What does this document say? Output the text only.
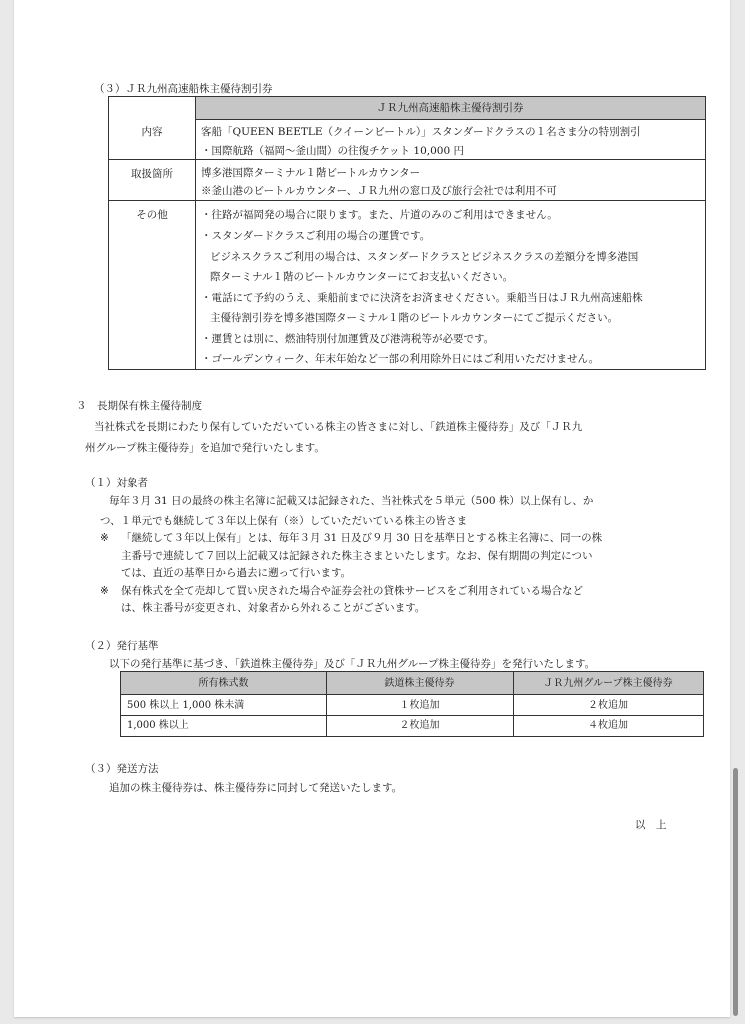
（３）ＪＲ九州高速船株主優待割引券
ＪＲ九州高速船株主優待割引券
内容	客船「QUEEN BEETLE（クイーンビートル）」スタンダードクラスの１名さま分の特別割引
・国際航路（福岡～釜山間）の往復チケット 10,000 円
取扱箇所	博多港国際ターミナル１階ビートルカウンター
※釜山港のビートルカウンター、ＪＲ九州の窓口及び旅行会社では利用不可
その他	・往路が福岡発の場合に限ります。また、片道のみのご利用はできません。
・スタンダードクラスご利用の場合の運賃です。
ビジネスクラスご利用の場合は、スタンダードクラスとビジネスクラスの差額分を博多港国
際ターミナル１階のビートルカウンターにてお支払いください。
・電話にて予約のうえ、乗船前までに決済をお済ませください。乗船当日はＪＲ九州高速船株
主優待割引券を博多港国際ターミナル１階のビートルカウンターにてご提示ください。
・運賃とは別に、燃油特別付加運賃及び港湾税等が必要です。
・ゴールデンウィーク、年末年始など一部の利用除外日にはご利用いただけません。
３　長期保有株主優待制度
当社株式を長期にわたり保有していただいている株主の皆さまに対し、「鉄道株主優待券」及び「ＪＲ九
州グループ株主優待券」を追加で発行いたします。
（１）対象者
毎年３月 31 日の最終の株主名簿に記載又は記録された、当社株式を５単元（500 株）以上保有し、か
つ、１単元でも継続して３年以上保有（※）していただいている株主の皆さま
※ 「継続して３年以上保有」とは、毎年３月 31 日及び９月 30 日を基準日とする株主名簿に、同一の株
主番号で連続して７回以上記載又は記録された株主さまといたします。なお、保有期間の判定につい
ては、直近の基準日から過去に遡って行います。
※ 保有株式を全て売却して買い戻された場合や証券会社の貸株サービスをご利用されている場合など
は、株主番号が変更され、対象者から外れることがございます。
（２）発行基準
以下の発行基準に基づき、「鉄道株主優待券」及び「ＪＲ九州グループ株主優待券」を発行いたします。
所有株式数	鉄道株主優待券	ＪＲ九州グループ株主優待券
500 株以上 1,000 株未満	１枚追加	２枚追加
1,000 株以上	２枚追加	４枚追加
（３）発送方法
追加の株主優待券は、株主優待券に同封して発送いたします。
以　上
